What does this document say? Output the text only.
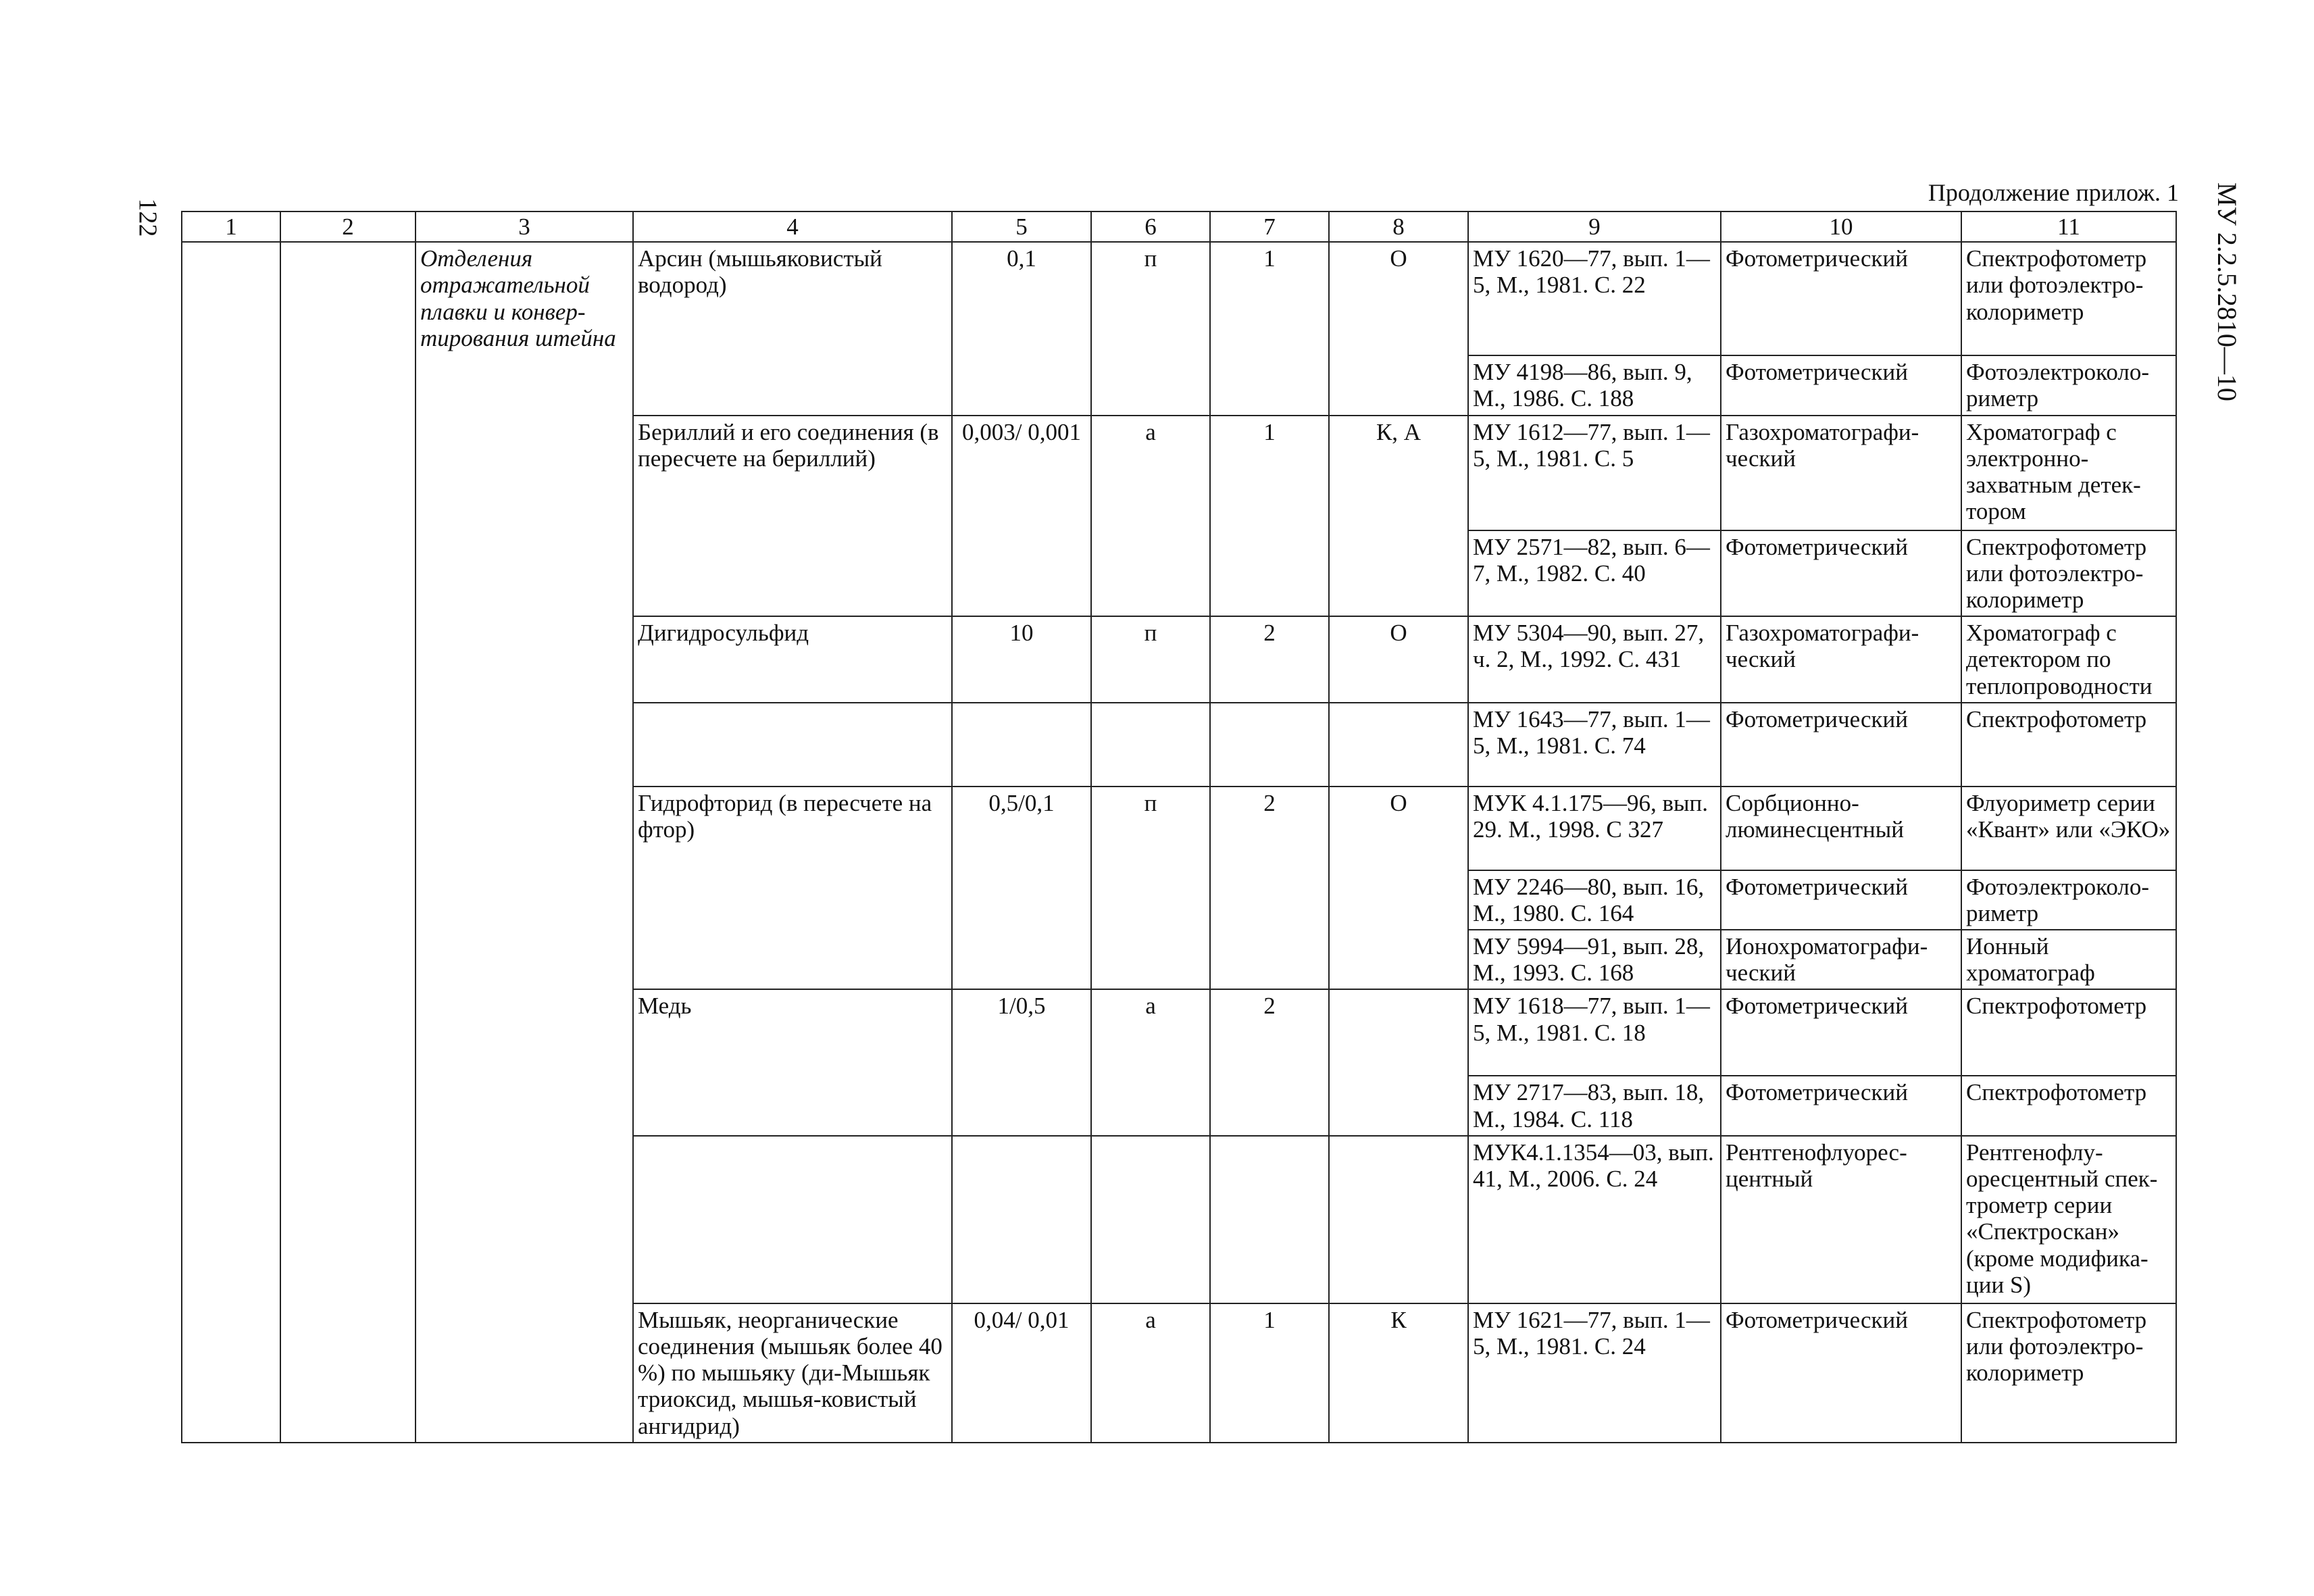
122	МУ 2.2.5.2810—10
Продолжение прилож. 1
1	2	3	4	5	6	7	8	9	10	11
		Отделения отражательной плавки и конвер-тирования штейна	Арсин (мышьяковистый водород)	0,1	п	1	О	МУ 1620—77, вып. 1—5, М., 1981. С. 22	Фотометрический	Спектрофотометр или фотоэлектро-колориметр
								МУ 4198—86, вып. 9, М., 1986. С. 188	Фотометрический	Фотоэлектроколо-риметр
			Бериллий и его соединения (в пересчете на бериллий)	0,003/ 0,001	а	1	К, А	МУ 1612—77, вып. 1—5, М., 1981. С. 5	Газохроматографи-ческий	Хроматограф с электронно-захватным детек-тором
								МУ 2571—82, вып. 6—7, М., 1982. С. 40	Фотометрический	Спектрофотометр или фотоэлектро-колориметр
			Дигидросульфид	10	п	2	О	МУ 5304—90, вып. 27, ч. 2, М., 1992. С. 431	Газохроматографи-ческий	Хроматограф с детектором по теплопроводности
								МУ 1643—77, вып. 1—5, М., 1981. С. 74	Фотометрический	Спектрофотометр
			Гидрофторид (в пересчете на фтор)	0,5/0,1	п	2	О	МУК 4.1.175—96, вып. 29. М., 1998. С 327	Сорбционно-люминесцентный	Флуориметр серии «Квант» или «ЭКО»
								МУ 2246—80, вып. 16, М., 1980. С. 164	Фотометрический	Фотоэлектроколо-риметр
								МУ 5994—91, вып. 28, М., 1993. С. 168	Ионохроматографи-ческий	Ионный хроматограф
			Медь	1/0,5	а	2		МУ 1618—77, вып. 1—5, М., 1981. С. 18	Фотометрический	Спектрофотометр
								МУ 2717—83, вып. 18, М., 1984. С. 118	Фотометрический	Спектрофотометр
								МУК4.1.1354—03, вып. 41, М., 2006. С. 24	Рентгенофлуорес-центный	Рентгенофлу-оресцентный спек-трометр серии «Спектроскан» (кроме модифика-ции S)
			Мышьяк, неорганические соединения (мышьяк более 40 %) по мышьяку (ди-Мышьяк триоксид, мышья-ковистый ангидрид)	0,04/ 0,01	а	1	К	МУ 1621—77, вып. 1—5, М., 1981. С. 24	Фотометрический	Спектрофотометр или фотоэлектро-колориметр
